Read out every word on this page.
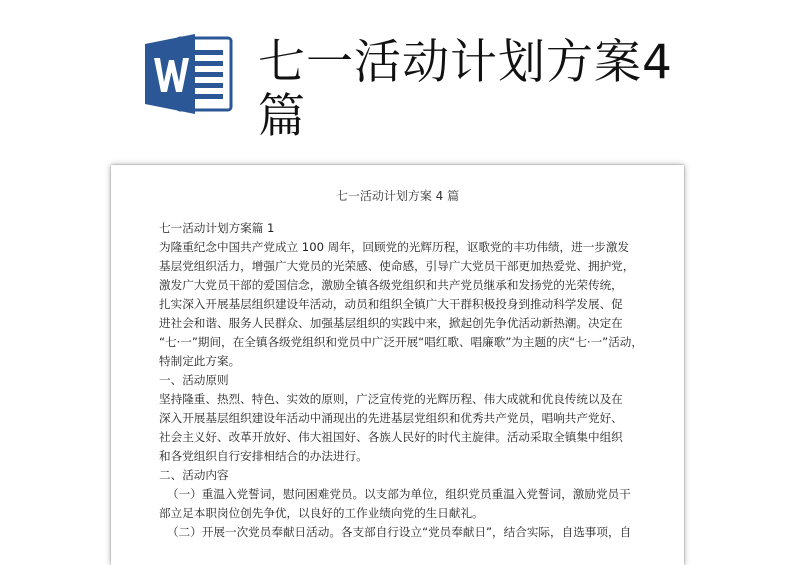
七一活动计划方案4篇
七一活动计划方案 4 篇

七一活动计划方案篇 1

为隆重纪念中国共产党成立 100 周年，回顾党的光辉历程，讴歌党的丰功伟绩，进一步激发

基层党组织活力，增强广大党员的光荣感、使命感，引导广大党员干部更加热爱党、拥护党，

激发广大党员干部的爱国信念，激励全镇各级党组织和共产党员继承和发扬党的光荣传统，

扎实深入开展基层组织建设年活动，动员和组织全镇广大干群积极投身到推动科学发展、促

进社会和谐、服务人民群众、加强基层组织的实践中来，掀起创先争优活动新热潮。决定在

“七·一”期间，在全镇各级党组织和党员中广泛开展“唱红歌、唱廉歌”为主题的庆“七·一”活动，

特制定此方案。

一、活动原则

坚持隆重、热烈、特色、实效的原则，广泛宣传党的光辉历程、伟大成就和优良传统以及在

深入开展基层组织建设年活动中涌现出的先进基层党组织和优秀共产党员，唱响共产党好、

社会主义好、改革开放好、伟大祖国好、各族人民好的时代主旋律。活动采取全镇集中组织

和各党组织自行安排相结合的办法进行。

二、活动内容

（一）重温入党誓词，慰问困难党员。以支部为单位，组织党员重温入党誓词，激励党员干

部立足本职岗位创先争优，以良好的工作业绩向党的生日献礼。

（二）开展一次党员奉献日活动。各支部自行设立“党员奉献日”，结合实际，自选事项，自
